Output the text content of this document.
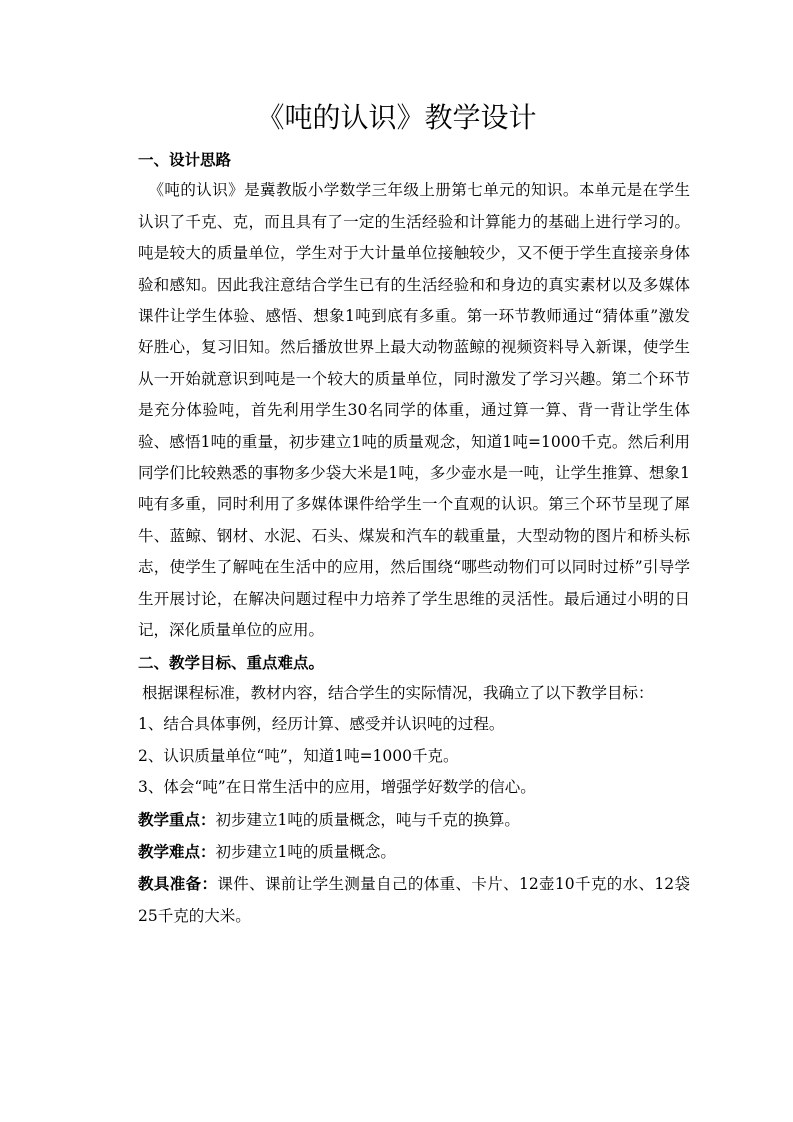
《吨的认识》教学设计

一、设计思路

《吨的认识》是冀教版小学数学三年级上册第七单元的知识。本单元是在学生认识了千克、克，而且具有了一定的生活经验和计算能力的基础上进行学习的。吨是较大的质量单位，学生对于大计量单位接触较少，又不便于学生直接亲身体验和感知。因此我注意结合学生已有的生活经验和和身边的真实素材以及多媒体课件让学生体验、感悟、想象1吨到底有多重。第一环节教师通过“猜体重”激发好胜心，复习旧知。然后播放世界上最大动物蓝鲸的视频资料导入新课，使学生从一开始就意识到吨是一个较大的质量单位，同时激发了学习兴趣。第二个环节是充分体验吨，首先利用学生30名同学的体重，通过算一算、背一背让学生体验、感悟1吨的重量，初步建立1吨的质量观念，知道1吨=1000千克。然后利用同学们比较熟悉的事物多少袋大米是1吨，多少壶水是一吨，让学生推算、想象1吨有多重，同时利用了多媒体课件给学生一个直观的认识。第三个环节呈现了犀牛、蓝鲸、钢材、水泥、石头、煤炭和汽车的载重量，大型动物的图片和桥头标志，使学生了解吨在生活中的应用，然后围绕“哪些动物们可以同时过桥”引导学生开展讨论，在解决问题过程中力培养了学生思维的灵活性。最后通过小明的日记，深化质量单位的应用。

二、教学目标、重点难点。

根据课程标准，教材内容，结合学生的实际情况，我确立了以下教学目标：

1、结合具体事例，经历计算、感受并认识吨的过程。

2、认识质量单位“吨”，知道1吨=1000千克。

3、体会“吨”在日常生活中的应用，增强学好数学的信心。

教学重点：初步建立1吨的质量概念，吨与千克的换算。

教学难点：初步建立1吨的质量概念。

教具准备：课件、课前让学生测量自己的体重、卡片、12壶10千克的水、12袋25千克的大米。
